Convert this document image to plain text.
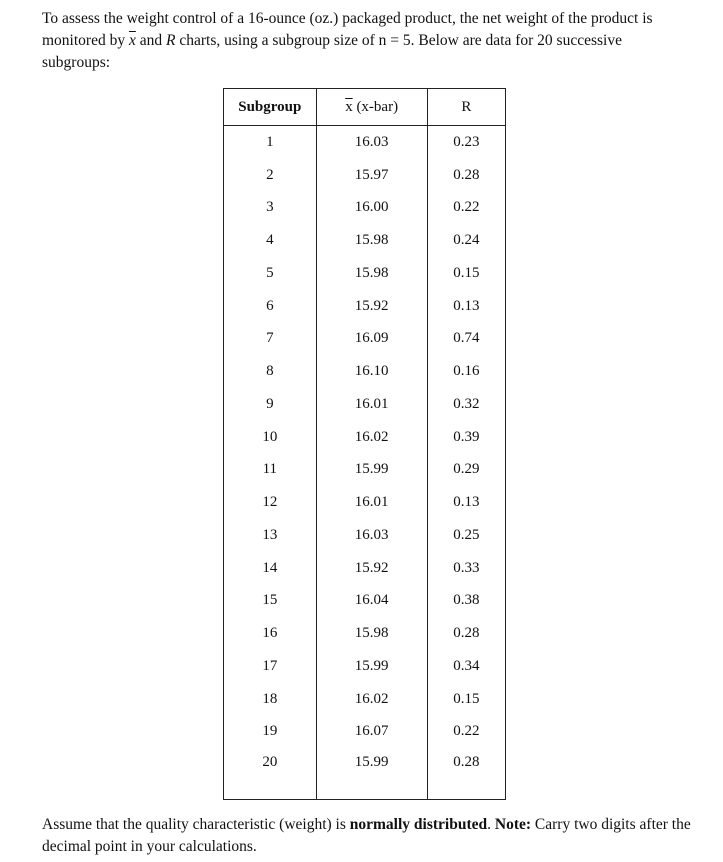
To assess the weight control of a 16-ounce (oz.) packaged product, the net weight of the product is monitored by $\overline{x}$ and R charts, using a subgroup size of n = 5. Below are data for 20 successive subgroups:

Subgroup	$\overline{x}$ (x-bar)	R
1	16.03	0.23
2	15.97	0.28
3	16.00	0.22
4	15.98	0.24
5	15.98	0.15
6	15.92	0.13
7	16.09	0.74
8	16.10	0.16
9	16.01	0.32
10	16.02	0.39
11	15.99	0.29
12	16.01	0.13
13	16.03	0.25
14	15.92	0.33
15	16.04	0.38
16	15.98	0.28
17	15.99	0.34
18	16.02	0.15
19	16.07	0.22
20	15.99	0.28

Assume that the quality characteristic (weight) is normally distributed. Note: Carry two digits after the decimal point in your calculations.
